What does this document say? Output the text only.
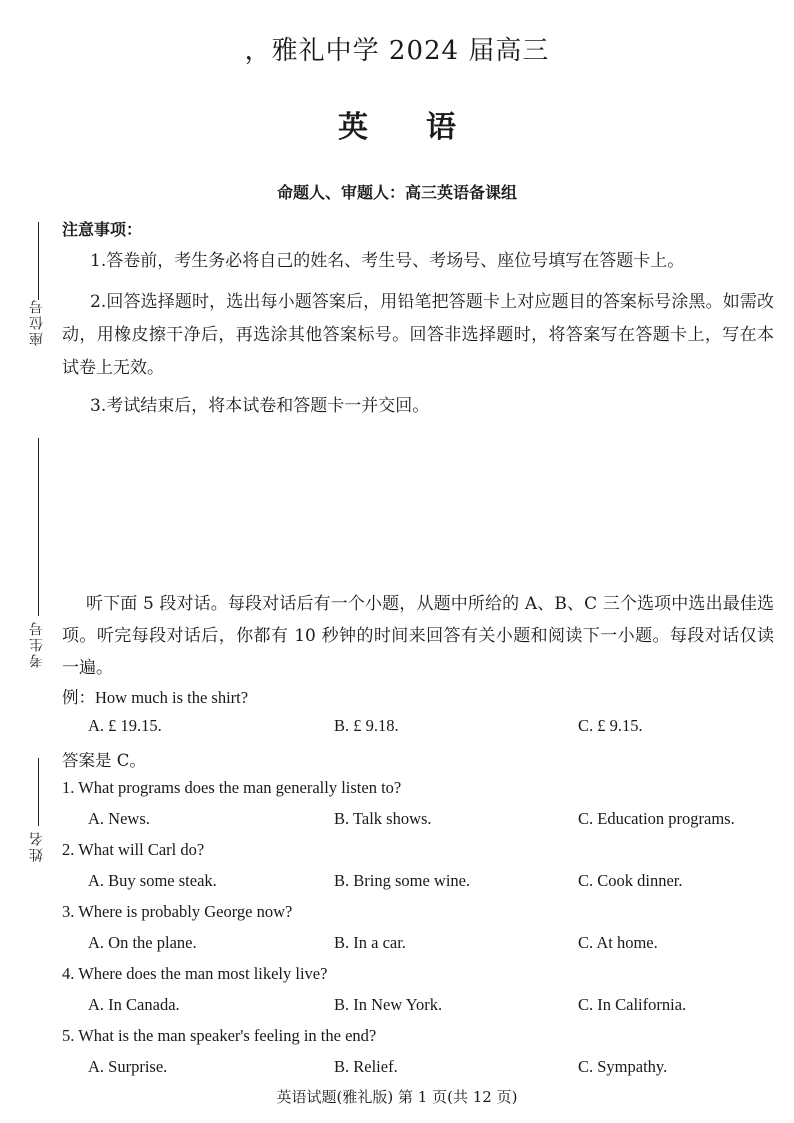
，雅礼中学 2024 届高三
英语
命题人、审题人：高三英语备课组
座位号
考生号
姓名
注意事项：
1.答卷前，考生务必将自己的姓名、考生号、考场号、座位号填写在答题卡上。
2.回答选择题时，选出每小题答案后，用铅笔把答题卡上对应题目的答案标号涂黑。如需改动，用橡皮擦干净后，再选涂其他答案标号。回答非选择题时，将答案写在答题卡上，写在本试卷上无效。
3.考试结束后，将本试卷和答题卡一并交回。
听下面 5 段对话。每段对话后有一个小题，从题中所给的 A、B、C 三个选项中选出最佳选项。听完每段对话后，你都有 10 秒钟的时间来回答有关小题和阅读下一小题。每段对话仅读一遍。
例：How much is the shirt?
A. £ 19.15.	B. £ 9.18.	C. £ 9.15.
答案是 C。
1. What programs does the man generally listen to?
A. News.	B. Talk shows.	C. Education programs.
2. What will Carl do?
A. Buy some steak.	B. Bring some wine.	C. Cook dinner.
3. Where is probably George now?
A. On the plane.	B. In a car.	C. At home.
4. Where does the man most likely live?
A. In Canada.	B. In New York.	C. In California.
5. What is the man speaker's feeling in the end?
A. Surprise.	B. Relief.	C. Sympathy.
英语试题(雅礼版) 第 1 页(共 12 页)
